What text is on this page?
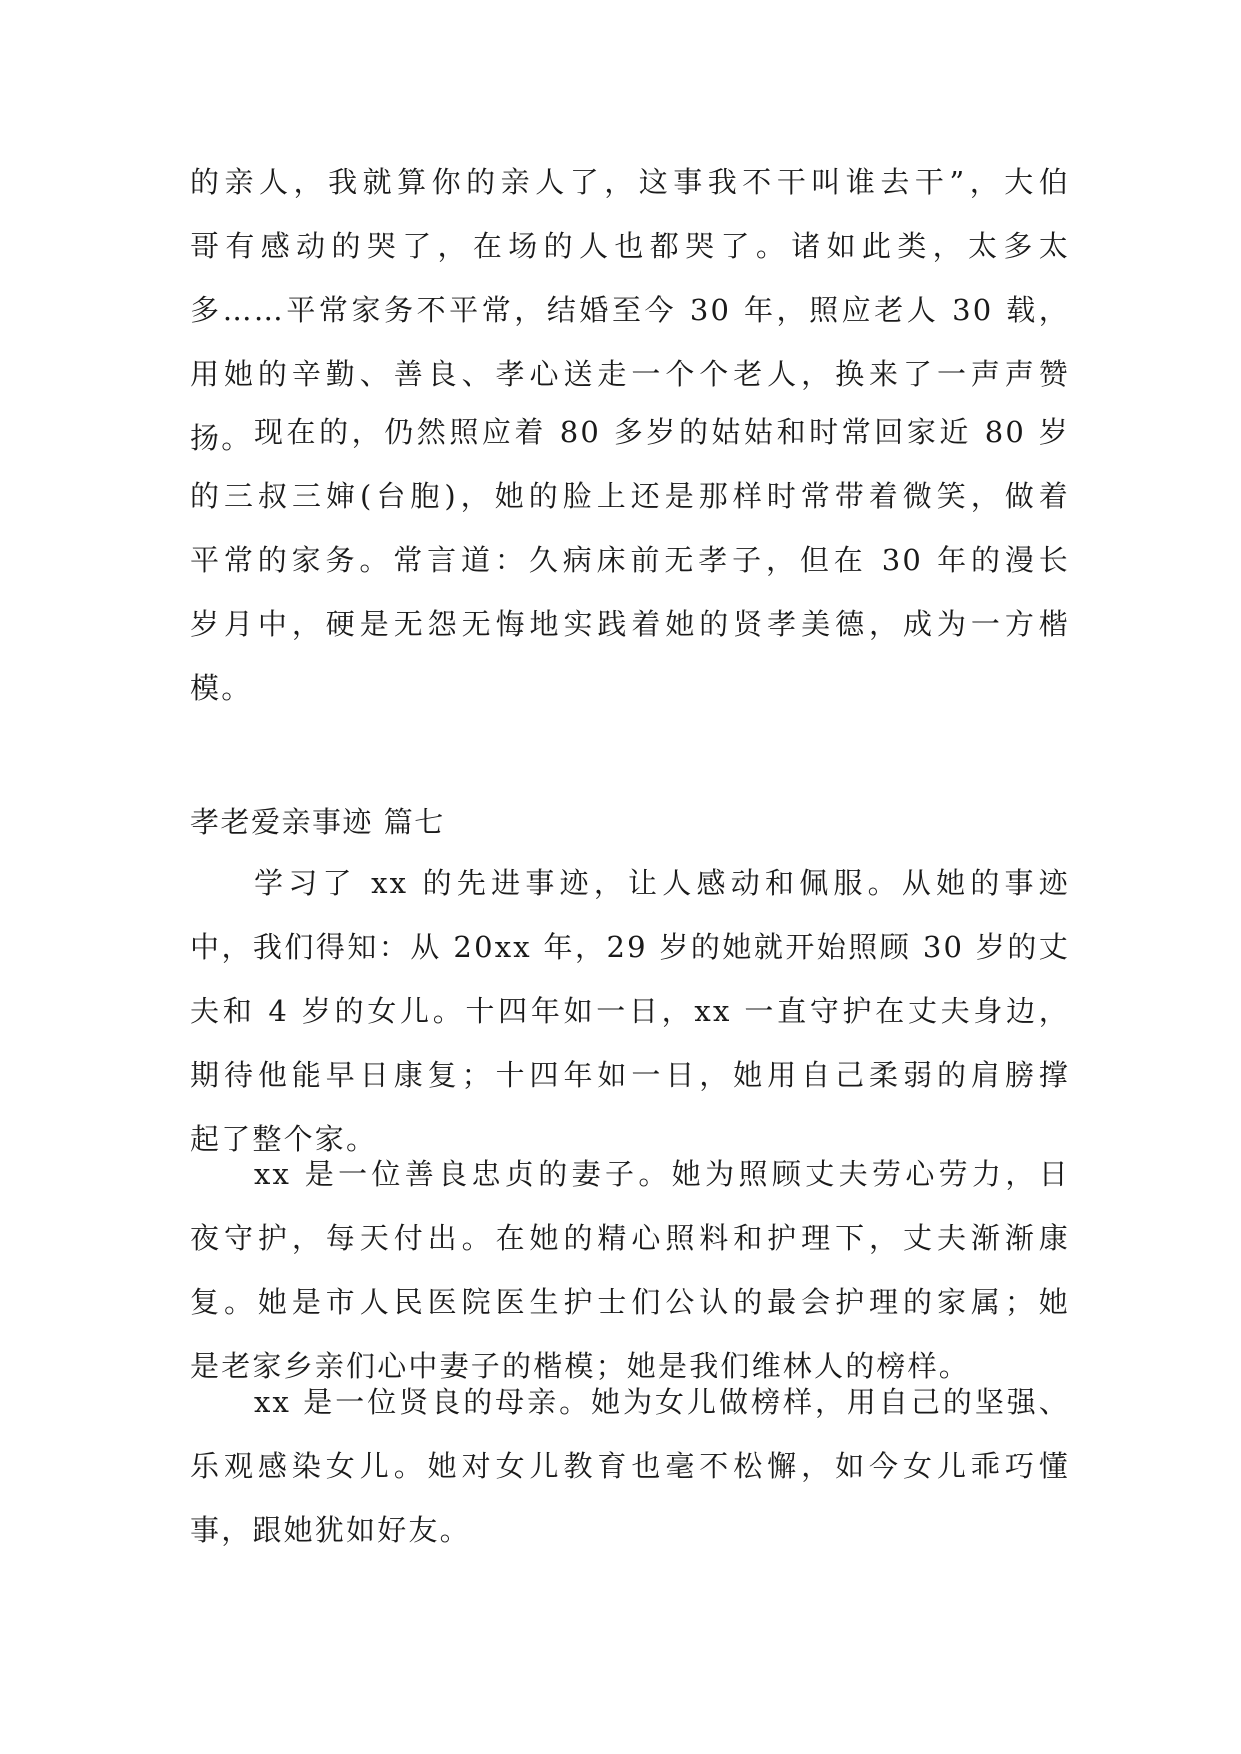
的亲人，我就算你的亲人了，这事我不干叫谁去干”，大伯
哥有感动的哭了，在场的人也都哭了。诸如此类，太多太
多……平常家务不平常，结婚至今 30 年，照应老人 30 载，
用她的辛勤、善良、孝心送走一个个老人，换来了一声声赞
扬。 现在的，仍然照应着 80 多岁的姑姑和时常回家近 80 岁
的三叔三婶(台胞)，她的脸上还是那样时常带着微笑，做着
平常的家务。常言道：久病床前无孝子，但在 30 年的漫长
岁月中，硬是无怨无悔地实践着她的贤孝美德，成为一方楷
模。
孝老爱亲事迹 篇七
学习了 xx 的先进事迹，让人感动和佩服。从她的事迹
中，我们得知：从 20xx 年，29 岁的她就开始照顾 30 岁的丈
夫和 4 岁的女儿。十四年如一日，xx 一直守护在丈夫身边，
期待他能早日康复；十四年如一日，她用自己柔弱的肩膀撑
起了整个家。
xx 是一位善良忠贞的妻子。她为照顾丈夫劳心劳力，日
夜守护，每天付出。在她的精心照料和护理下，丈夫渐渐康
复。她是市人民医院医生护士们公认的最会护理的家属；她
是老家乡亲们心中妻子的楷模；她是我们维林人的榜样。
xx 是一位贤良的母亲。她为女儿做榜样，用自己的坚强、
乐观感染女儿。她对女儿教育也毫不松懈，如今女儿乖巧懂
事，跟她犹如好友。
